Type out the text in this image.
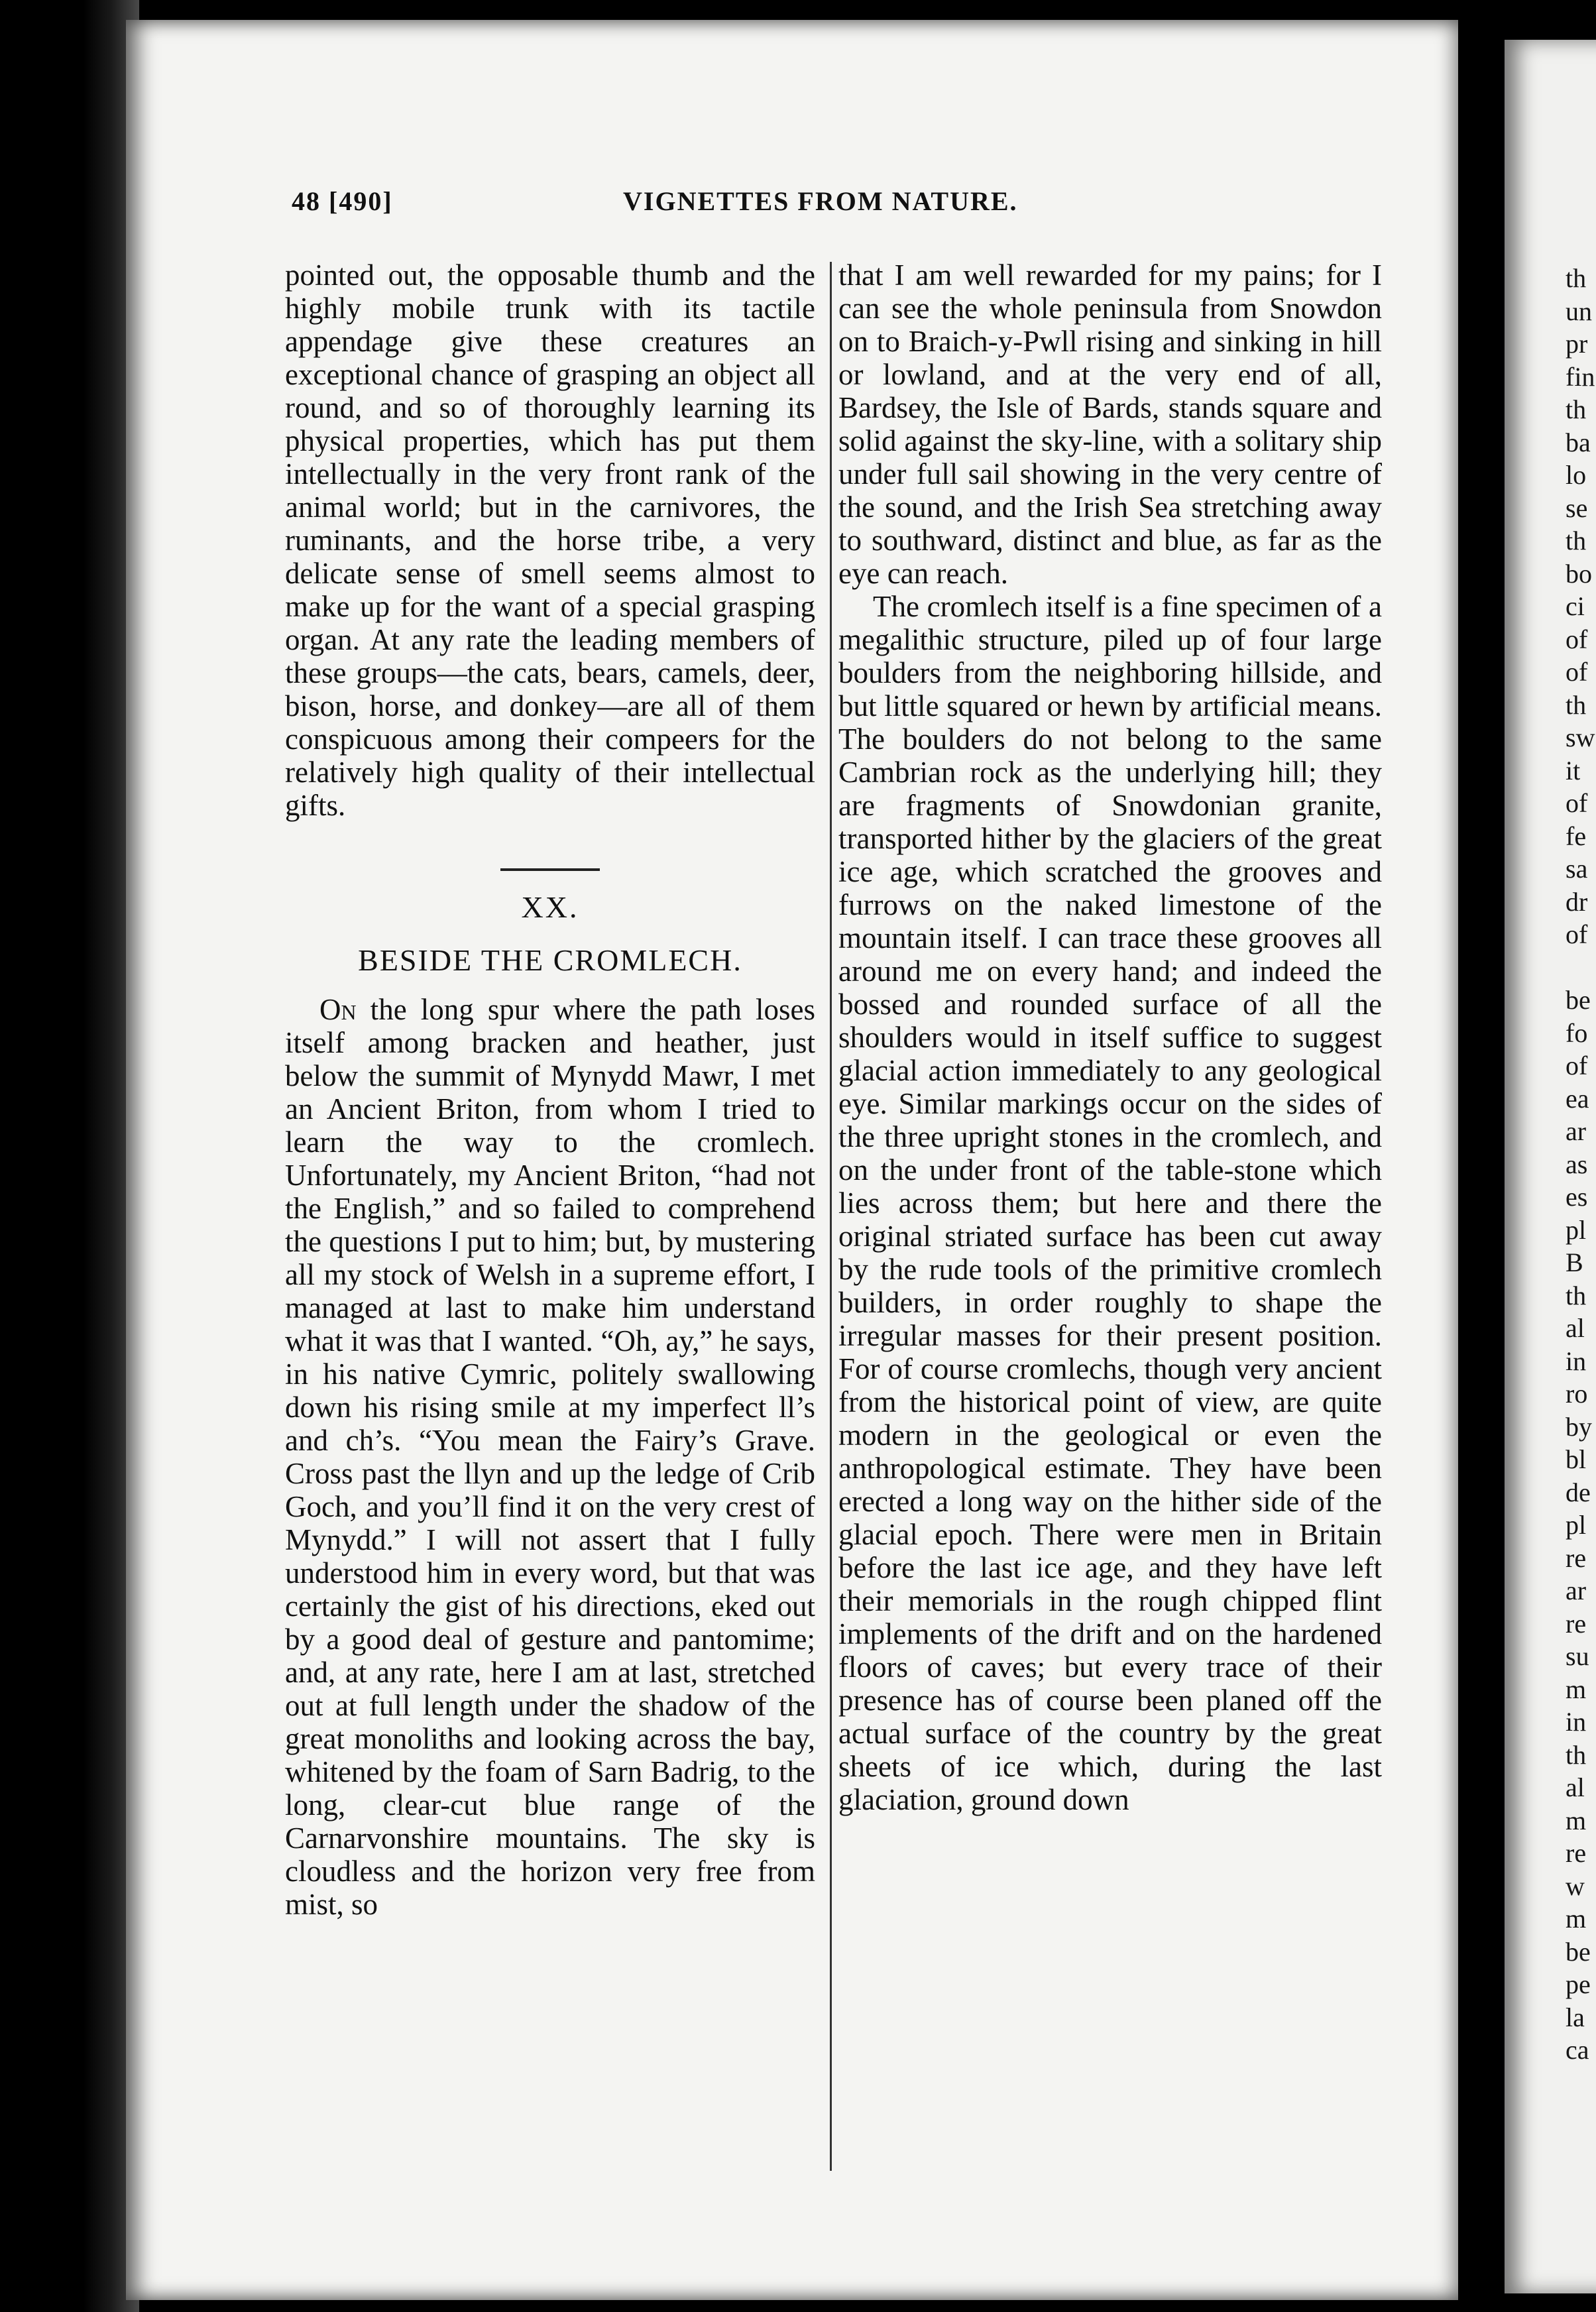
th
un
pr
fin
th
ba
lo
se
th
bo
ci
of
of
th
sw
it
of
fe
sa
dr
of
be
fo
of
ea
ar
as
es
pl
B
th
al
in
ro
by
bl
de
pl
re
ar
re
su
m
in
th
al
m
re
w
m
be
pe
la
ca
48 [490]	VIGNETTES FROM NATURE.

pointed out, the opposable thumb and the highly mobile trunk with its tactile appendage give these creatures an exceptional chance of grasping an object all round, and so of thoroughly learning its physical properties, which has put them intellectually in the very front rank of the animal world; but in the carnivores, the ruminants, and the horse tribe, a very delicate sense of smell seems almost to make up for the want of a special grasping organ. At any rate the leading members of these groups—the cats, bears, camels, deer, bison, horse, and donkey—are all of them conspicuous among their compeers for the relatively high quality of their intellectual gifts.

XX.
BESIDE THE CROMLECH.

On the long spur where the path loses itself among bracken and heather, just below the summit of Mynydd Mawr, I met an Ancient Briton, from whom I tried to learn the way to the cromlech. Unfortunately, my Ancient Briton, “had not the English,” and so failed to comprehend the questions I put to him; but, by mustering all my stock of Welsh in a supreme effort, I managed at last to make him understand what it was that I wanted. “Oh, ay,” he says, in his native Cymric, politely swallowing down his rising smile at my imperfect ll’s and ch’s. “You mean the Fairy’s Grave. Cross past the llyn and up the ledge of Crib Goch, and you’ll find it on the very crest of Mynydd.” I will not assert that I fully understood him in every word, but that was certainly the gist of his directions, eked out by a good deal of gesture and pantomime; and, at any rate, here I am at last, stretched out at full length under the shadow of the great monoliths and looking across the bay, whitened by the foam of Sarn Badrig, to the long, clear-cut blue range of the Carnarvonshire mountains. The sky is cloudless and the horizon very free from mist, so

that I am well rewarded for my pains; for I can see the whole peninsula from Snowdon on to Braich-y-Pwll rising and sinking in hill or lowland, and at the very end of all, Bardsey, the Isle of Bards, stands square and solid against the sky-line, with a solitary ship under full sail showing in the very centre of the sound, and the Irish Sea stretching away to southward, distinct and blue, as far as the eye can reach.

The cromlech itself is a fine specimen of a megalithic structure, piled up of four large boulders from the neighboring hillside, and but little squared or hewn by artificial means. The boulders do not belong to the same Cambrian rock as the underlying hill; they are fragments of Snowdonian granite, transported hither by the glaciers of the great ice age, which scratched the grooves and furrows on the naked limestone of the mountain itself. I can trace these grooves all around me on every hand; and indeed the bossed and rounded surface of all the shoulders would in itself suffice to suggest glacial action immediately to any geological eye. Similar markings occur on the sides of the three upright stones in the cromlech, and on the under front of the table-stone which lies across them; but here and there the original striated surface has been cut away by the rude tools of the primitive cromlech builders, in order roughly to shape the irregular masses for their present position. For of course cromlechs, though very ancient from the historical point of view, are quite modern in the geological or even the anthropological estimate. They have been erected a long way on the hither side of the glacial epoch. There were men in Britain before the last ice age, and they have left their memorials in the rough chipped flint implements of the drift and on the hardened floors of caves; but every trace of their presence has of course been planed off the actual surface of the country by the great sheets of ice which, during the last glaciation, ground down
